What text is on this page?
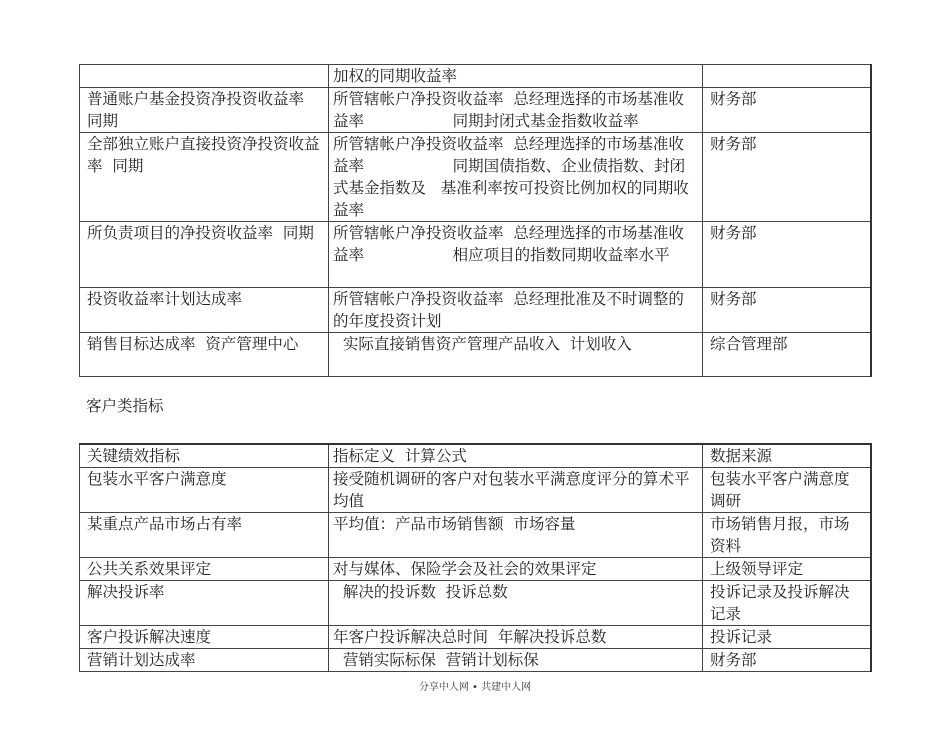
	加权的同期收益率	
普通账户基金投资净投资收益率  同期	所管辖帐户净投资收益率  总经理选择的市场基准收益率                  同期封闭式基金指数收益率	财务部
全部独立账户直接投资净投资收益率  同期	所管辖帐户净投资收益率  总经理选择的市场基准收益率                  同期国债指数、企业债指数、封闭式基金指数及   基准利率按可投资比例加权的同期收益率	财务部
所负责项目的净投资收益率  同期	所管辖帐户净投资收益率  总经理选择的市场基准收益率                  相应项目的指数同期收益率水平	财务部
投资收益率计划达成率	所管辖帐户净投资收益率  总经理批准及不时调整的的年度投资计划	财务部
销售目标达成率  资产管理中心	实际直接销售资产管理产品收入  计划收入	综合管理部
客户类指标
关键绩效指标	指标定义  计算公式	数据来源
包装水平客户满意度	接受随机调研的客户对包装水平满意度评分的算术平均值	包装水平客户满意度调研
某重点产品市场占有率	平均值：产品市场销售额  市场容量	市场销售月报，市场资料
公共关系效果评定	对与媒体、保险学会及社会的效果评定	上级领导评定
解决投诉率	解决的投诉数  投诉总数	投诉记录及投诉解决记录
客户投诉解决速度	年客户投诉解决总时间  年解决投诉总数	投诉记录
营销计划达成率	营销实际标保  营销计划标保	财务部
分享中人网 • 共建中人网
